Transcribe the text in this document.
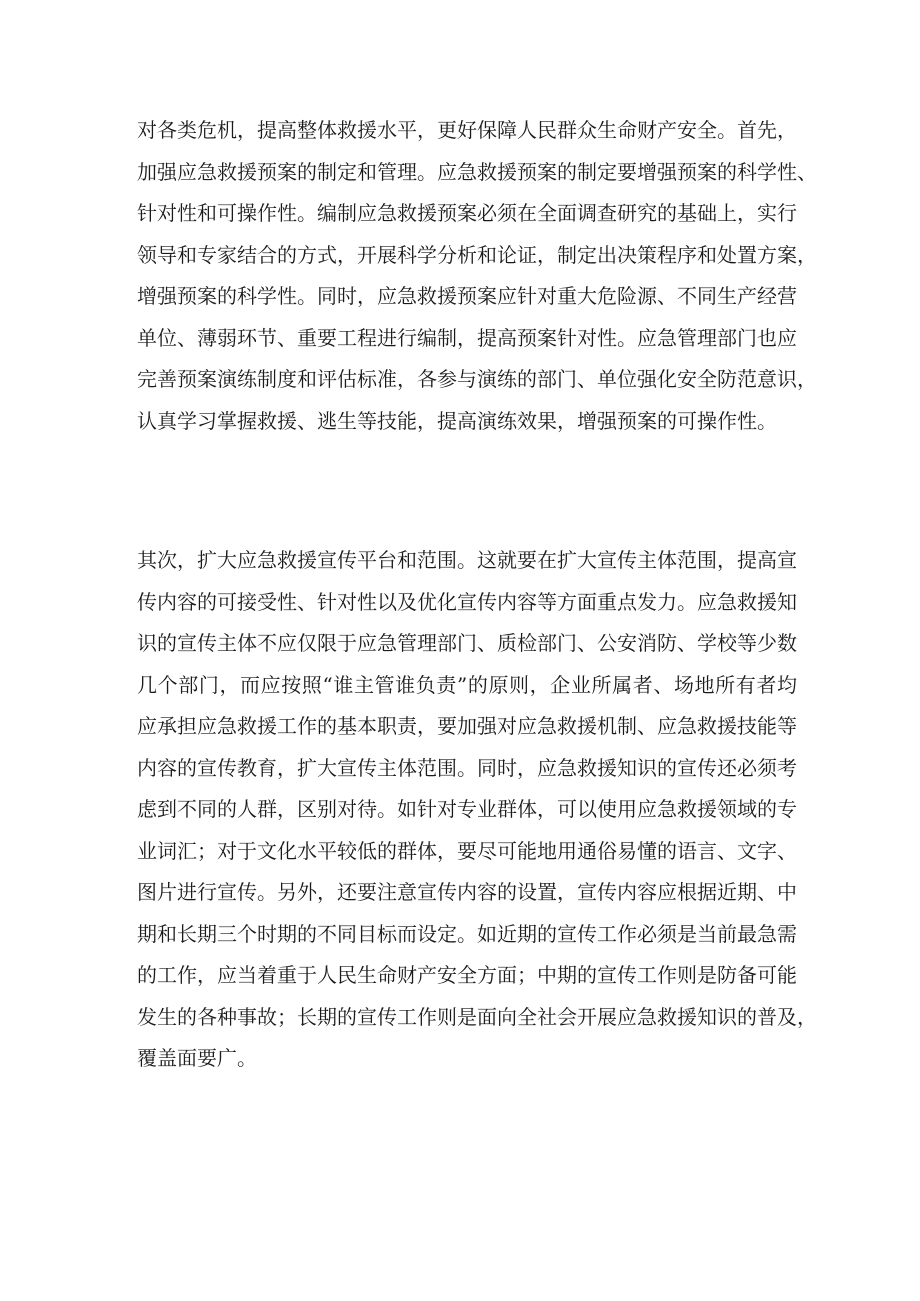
对各类危机，提高整体救援水平，更好保障人民群众生命财产安全。首先，
加强应急救援预案的制定和管理。应急救援预案的制定要增强预案的科学性、
针对性和可操作性。编制应急救援预案必须在全面调查研究的基础上，实行
领导和专家结合的方式，开展科学分析和论证，制定出决策程序和处置方案，
增强预案的科学性。同时，应急救援预案应针对重大危险源、不同生产经营
单位、薄弱环节、重要工程进行编制，提高预案针对性。应急管理部门也应
完善预案演练制度和评估标准，各参与演练的部门、单位强化安全防范意识，
认真学习掌握救援、逃生等技能，提高演练效果，增强预案的可操作性。
其次，扩大应急救援宣传平台和范围。这就要在扩大宣传主体范围，提高宣
传内容的可接受性、针对性以及优化宣传内容等方面重点发力。应急救援知
识的宣传主体不应仅限于应急管理部门、质检部门、公安消防、学校等少数
几个部门，而应按照“谁主管谁负责”的原则，企业所属者、场地所有者均
应承担应急救援工作的基本职责，要加强对应急救援机制、应急救援技能等
内容的宣传教育，扩大宣传主体范围。同时，应急救援知识的宣传还必须考
虑到不同的人群，区别对待。如针对专业群体，可以使用应急救援领域的专
业词汇；对于文化水平较低的群体，要尽可能地用通俗易懂的语言、文字、
图片进行宣传。另外，还要注意宣传内容的设置，宣传内容应根据近期、中
期和长期三个时期的不同目标而设定。如近期的宣传工作必须是当前最急需
的工作，应当着重于人民生命财产安全方面；中期的宣传工作则是防备可能
发生的各种事故；长期的宣传工作则是面向全社会开展应急救援知识的普及，
覆盖面要广。
